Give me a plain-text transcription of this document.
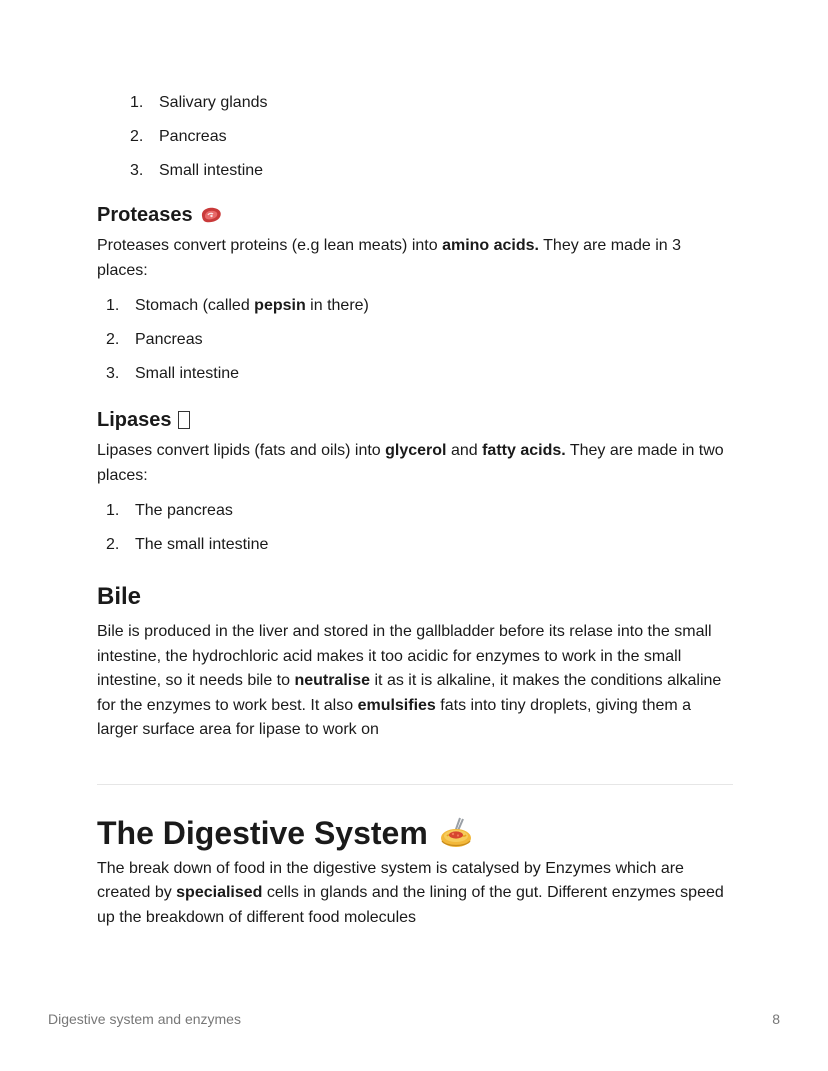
1. Salivary glands
2. Pancreas
3. Small intestine
Proteases

Proteases convert proteins (e.g lean meats) into amino acids. They are made in 3 places:

1. Stomach (called pepsin in there)
2. Pancreas
3. Small intestine
Lipases

Lipases convert lipids (fats and oils) into glycerol and fatty acids. They are made in two places:

1. The pancreas
2. The small intestine
Bile

Bile is produced in the liver and stored in the gallbladder before its relase into the small intestine, the hydrochloric acid makes it too acidic for enzymes to work in the small intestine, so it needs bile to neutralise it as it is alkaline, it makes the conditions alkaline for the enzymes to work best. It also emulsifies fats into tiny droplets, giving them a larger surface area for lipase to work on

The Digestive System

The break down of food in the digestive system is catalysed by Enzymes which are created by specialised cells in glands and the lining of the gut. Different enzymes speed up the breakdown of different food molecules

Digestive system and enzymes	8
